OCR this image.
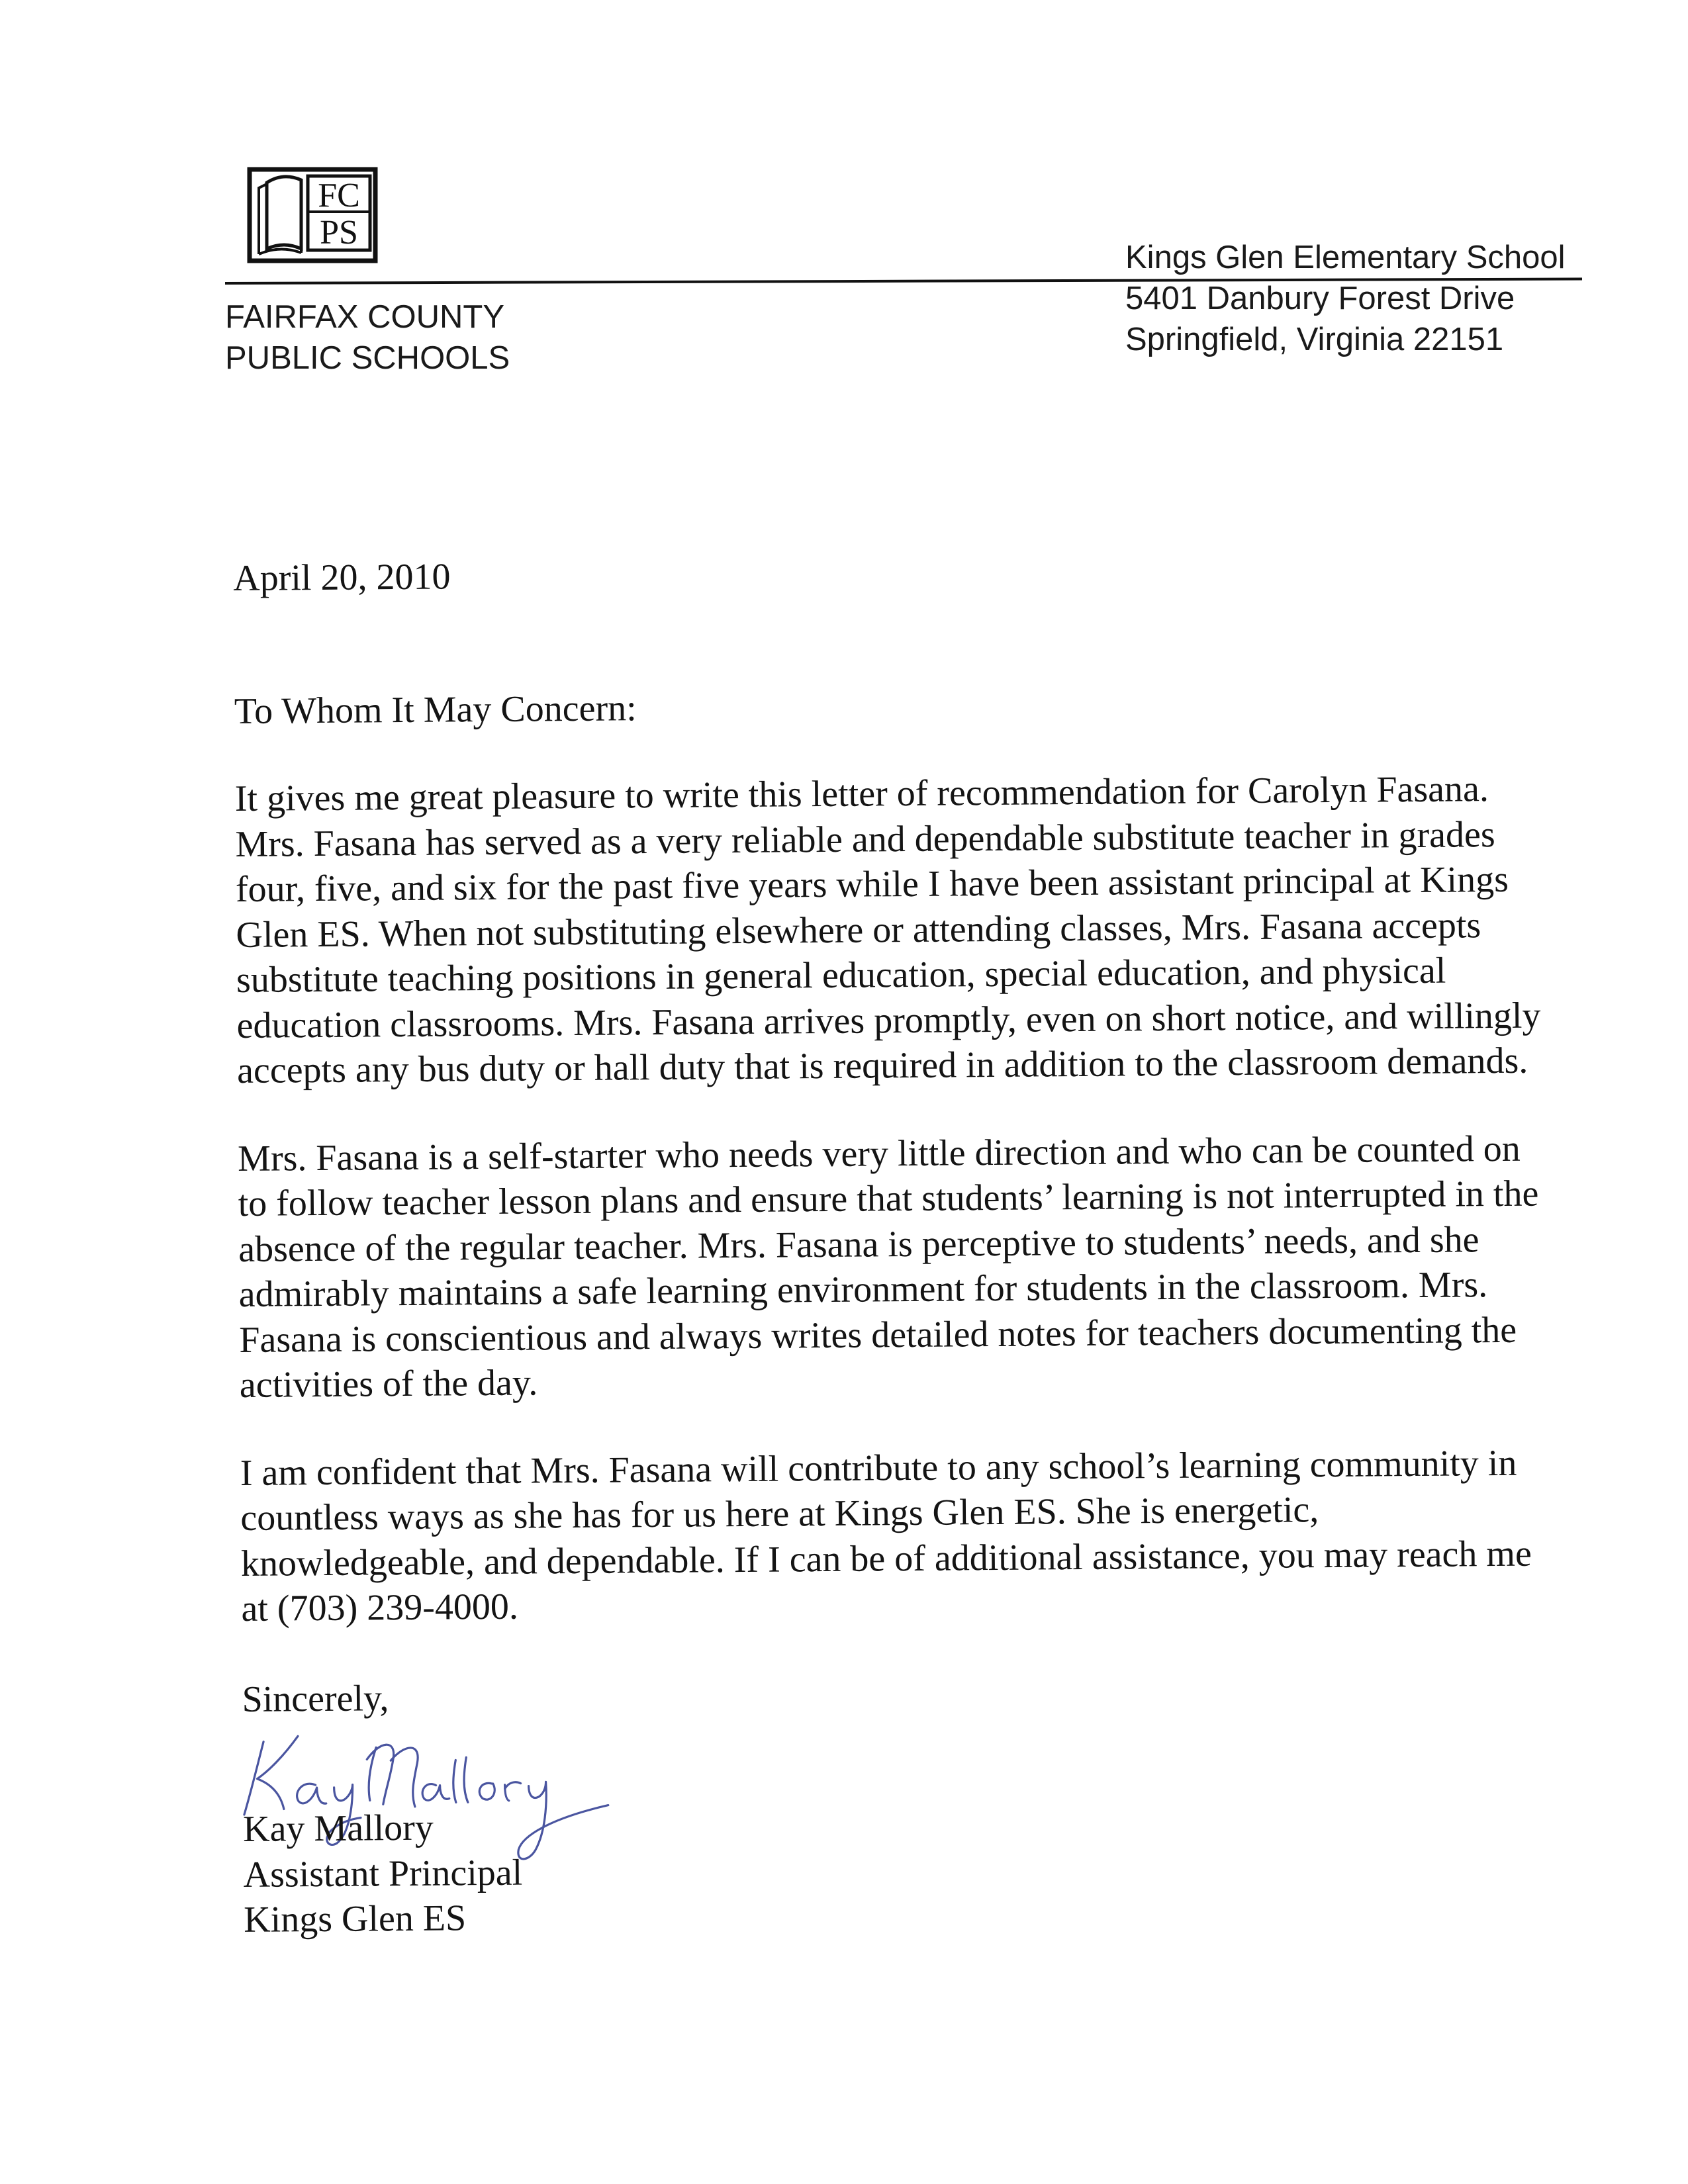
FC
PS
FAIRFAX COUNTY
PUBLIC SCHOOLS
Kings Glen Elementary School
5401 Danbury Forest Drive
Springfield, Virginia 22151

April 20, 2010

To Whom It May Concern:

It gives me great pleasure to write this letter of recommendation for Carolyn Fasana.
Mrs. Fasana has served as a very reliable and dependable substitute teacher in grades
four, five, and six for the past five years while I have been assistant principal at Kings
Glen ES. When not substituting elsewhere or attending classes, Mrs. Fasana accepts
substitute teaching positions in general education, special education, and physical
education classrooms. Mrs. Fasana arrives promptly, even on short notice, and willingly
accepts any bus duty or hall duty that is required in addition to the classroom demands.
Mrs. Fasana is a self-starter who needs very little direction and who can be counted on
to follow teacher lesson plans and ensure that students’ learning is not interrupted in the
absence of the regular teacher. Mrs. Fasana is perceptive to students’ needs, and she
admirably maintains a safe learning environment for students in the classroom. Mrs.
Fasana is conscientious and always writes detailed notes for teachers documenting the
activities of the day.
I am confident that Mrs. Fasana will contribute to any school’s learning community in
countless ways as she has for us here at Kings Glen ES. She is energetic,
knowledgeable, and dependable. If I can be of additional assistance, you may reach me
at (703) 239-4000.

Sincerely,

Kay Mallory
Assistant Principal
Kings Glen ES
